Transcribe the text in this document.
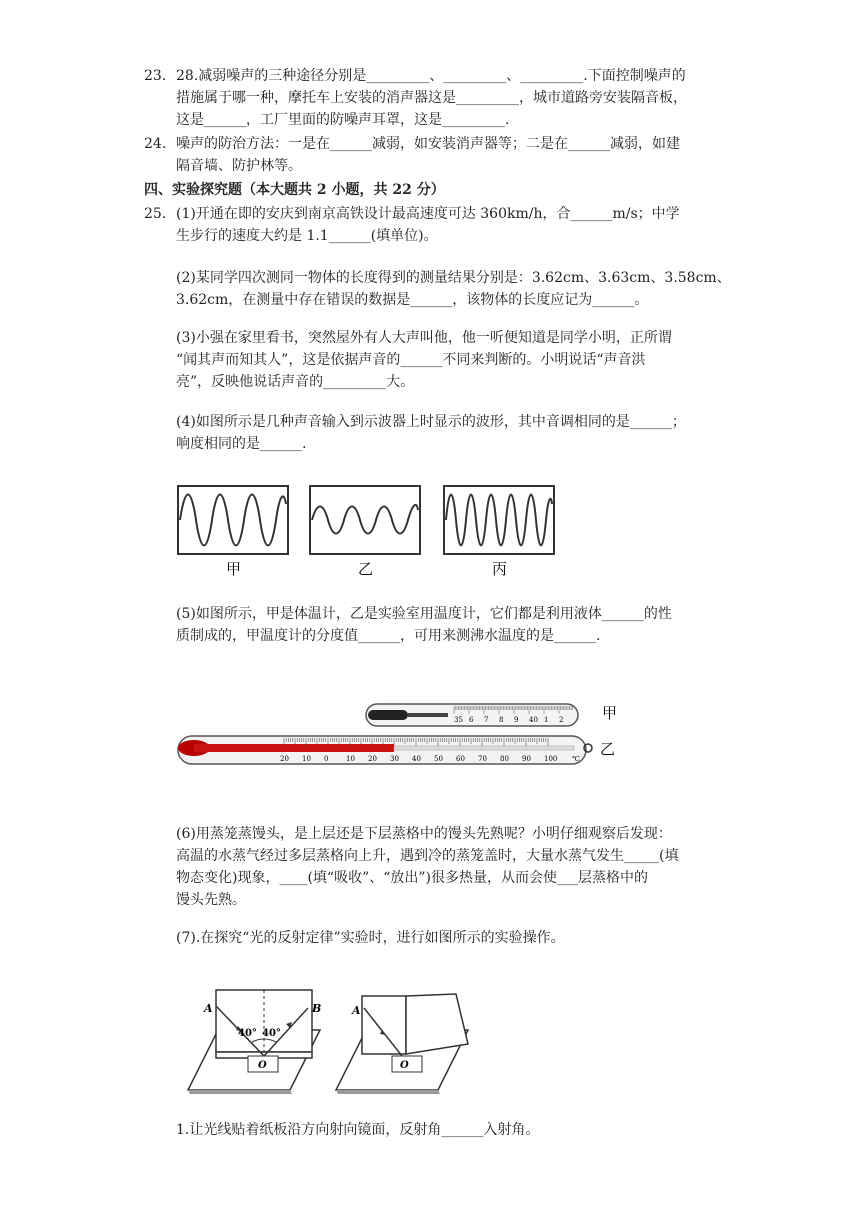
23. 28.减弱噪声的三种途径分别是_________、_________、_________.下面控制噪声的
措施属于哪一种，摩托车上安装的消声器这是_________，城市道路旁安装隔音板，
这是______，工厂里面的防噪声耳罩，这是_________.
24. 噪声的防治方法：一是在______减弱，如安装消声器等；二是在______减弱，如建
隔音墙、防护林等。
四、实验探究题（本大题共 2 小题，共 22 分）
25. (1)开通在即的安庆到南京高铁设计最高速度可达 360km/h，合______m/s；中学
生步行的速度大约是 1.1______(填单位)。
(2)某同学四次测同一物体的长度得到的测量结果分别是：3.62cm、3.63cm、3.58cm、
3.62cm，在测量中存在错误的数据是______，该物体的长度应记为______。
(3)小强在家里看书，突然屋外有人大声叫他，他一听便知道是同学小明，正所谓
“闻其声而知其人”，这是依据声音的______不同来判断的。小明说话“声音洪
亮”，反映他说话声音的_________大。
(4)如图所示是几种声音输入到示波器上时显示的波形，其中音调相同的是______；
响度相同的是______.
甲	乙	丙
(5)如图所示，甲是体温计，乙是实验室用温度计，它们都是利用液体______的性
质制成的，甲温度计的分度值______，可用来测沸水温度的是______.
35 6 7 8 9 40 1 2	甲
20 10 0	10 20 30 40 50 60 70 80 90 100 ℃
乙
(6)用蒸笼蒸馒头，是上层还是下层蒸格中的馒头先熟呢？小明仔细观察后发现：
高温的水蒸气经过多层蒸格向上升，遇到冷的蒸笼盖时，大量水蒸气发生_____(填
物态变化)现象，____(填“吸收”、“放出”)很多热量，从而会使___层蒸格中的
馒头先熟。
(7).在探究“光的反射定律”实验时，进行如图所示的实验操作。
A	B
40° 40°
O
A
O
1.让光线贴着纸板沿方向射向镜面，反射角______入射角。
